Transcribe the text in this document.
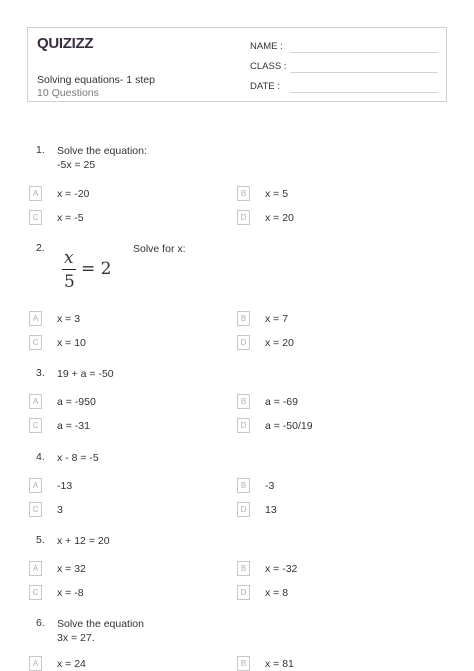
QUIZIZZ
Solving equations- 1 step
10 Questions
NAME :
CLASS :
DATE :
1. Solve the equation:
-5x = 25
A	x = -20	B	x = 5
C	x = -5	D	x = 20
2. x
5
= 2
Solve for x:
A	x = 3	B	x = 7
C	x = 10	D	x = 20
3. 19 + a = -50
A	a = -950	B	a = -69
C	a = -31	D	a = -50/19
4. x - 8 = -5
A	-13	B	-3
C	3	D	13
5. x + 12 = 20
A	x = 32	B	x = -32
C	x = -8	D	x = 8
6. Solve the equation
3x = 27.
A	x = 24	B	x = 81
